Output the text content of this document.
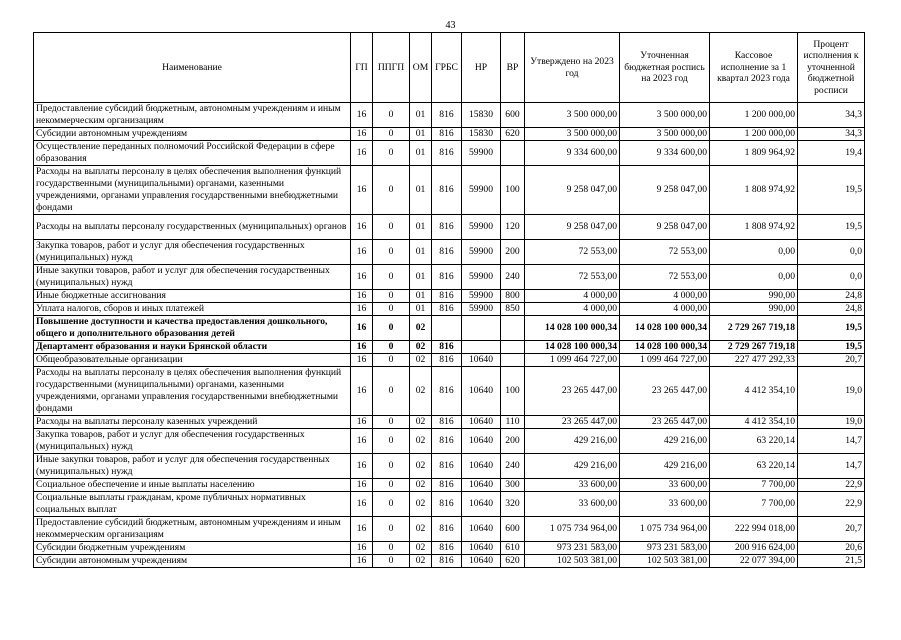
43
Наименование	ГП	ППГП	ОМ	ГРБС	НР	ВР	Утверждено на 2023 год	Уточненная бюджетная роспись на 2023 год	Кассовое исполнение за 1 квартал 2023 года	Процент исполнения к уточненной бюджетной росписи
Предоставление субсидий бюджетным, автономным учреждениям и иным некоммерческим организациям	16	0	01	816	15830	600	3 500 000,00	3 500 000,00	1 200 000,00	34,3
Субсидии автономным учреждениям	16	0	01	816	15830	620	3 500 000,00	3 500 000,00	1 200 000,00	34,3
Осуществление переданных полномочий Российской Федерации в сфере образования	16	0	01	816	59900		9 334 600,00	9 334 600,00	1 809 964,92	19,4
Расходы на выплаты персоналу в целях обеспечения выполнения функций государственными (муниципальными) органами, казенными учреждениями, органами управления государственными внебюджетными фондами	16	0	01	816	59900	100	9 258 047,00	9 258 047,00	1 808 974,92	19,5
Расходы на выплаты персоналу государственных (муниципальных) органов	16	0	01	816	59900	120	9 258 047,00	9 258 047,00	1 808 974,92	19,5
Закупка товаров, работ и услуг для обеспечения государственных (муниципальных) нужд	16	0	01	816	59900	200	72 553,00	72 553,00	0,00	0,0
Иные закупки товаров, работ и услуг для обеспечения государственных (муниципальных) нужд	16	0	01	816	59900	240	72 553,00	72 553,00	0,00	0,0
Иные бюджетные ассигнования	16	0	01	816	59900	800	4 000,00	4 000,00	990,00	24,8
Уплата налогов, сборов и иных платежей	16	0	01	816	59900	850	4 000,00	4 000,00	990,00	24,8
Повышение доступности и качества предоставления дошкольного, общего и дополнительного образования детей	16	0	02				14 028 100 000,34	14 028 100 000,34	2 729 267 719,18	19,5
Департамент образования и науки Брянской области	16	0	02	816			14 028 100 000,34	14 028 100 000,34	2 729 267 719,18	19,5
Общеобразовательные организации	16	0	02	816	10640		1 099 464 727,00	1 099 464 727,00	227 477 292,33	20,7
Расходы на выплаты персоналу в целях обеспечения выполнения функций государственными (муниципальными) органами, казенными учреждениями, органами управления государственными внебюджетными фондами	16	0	02	816	10640	100	23 265 447,00	23 265 447,00	4 412 354,10	19,0
Расходы на выплаты персоналу казенных учреждений	16	0	02	816	10640	110	23 265 447,00	23 265 447,00	4 412 354,10	19,0
Закупка товаров, работ и услуг для обеспечения государственных (муниципальных) нужд	16	0	02	816	10640	200	429 216,00	429 216,00	63 220,14	14,7
Иные закупки товаров, работ и услуг для обеспечения государственных (муниципальных) нужд	16	0	02	816	10640	240	429 216,00	429 216,00	63 220,14	14,7
Социальное обеспечение и иные выплаты населению	16	0	02	816	10640	300	33 600,00	33 600,00	7 700,00	22,9
Социальные выплаты гражданам, кроме публичных нормативных социальных выплат	16	0	02	816	10640	320	33 600,00	33 600,00	7 700,00	22,9
Предоставление субсидий бюджетным, автономным учреждениям и иным некоммерческим организациям	16	0	02	816	10640	600	1 075 734 964,00	1 075 734 964,00	222 994 018,00	20,7
Субсидии бюджетным учреждениям	16	0	02	816	10640	610	973 231 583,00	973 231 583,00	200 916 624,00	20,6
Субсидии автономным учреждениям	16	0	02	816	10640	620	102 503 381,00	102 503 381,00	22 077 394,00	21,5
